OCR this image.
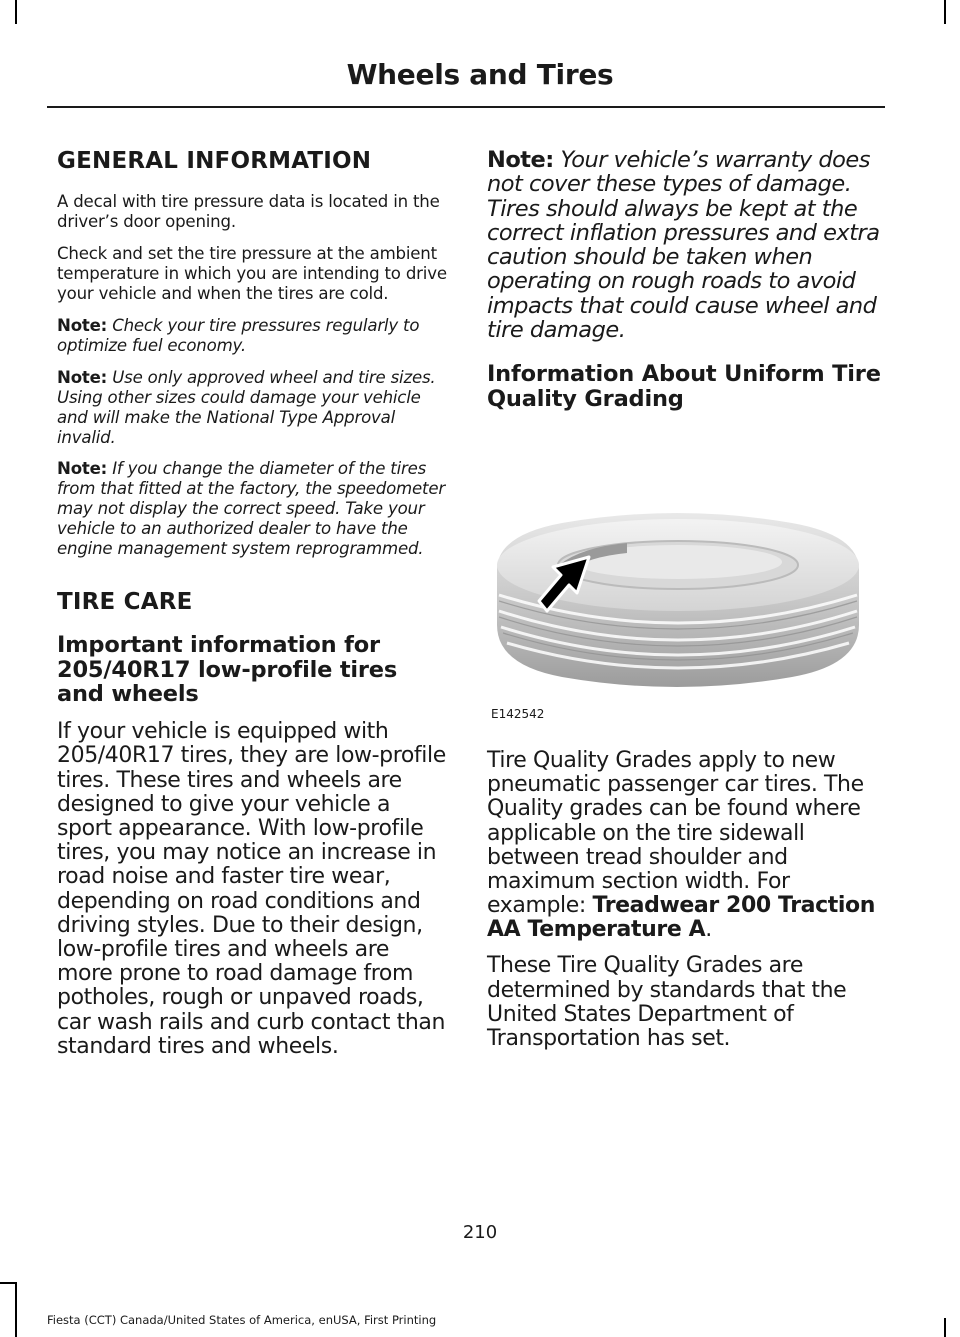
Wheels and Tires
GENERAL INFORMATION

A decal with tire pressure data is located in the driver’s door opening.

Check and set the tire pressure at the ambient temperature in which you are intending to drive your vehicle and when the tires are cold.

Note: Check your tire pressures regularly to optimize fuel economy.

Note: Use only approved wheel and tire sizes. Using other sizes could damage your vehicle and will make the National Type Approval invalid.

Note: If you change the diameter of the tires from that fitted at the factory, the speedometer may not display the correct speed. Take your vehicle to an authorized dealer to have the engine management system reprogrammed.

TIRE CARE
Important information for 205/40R17 low-profile tires and wheels

If your vehicle is equipped with 205/40R17 tires, they are low-profile tires. These tires and wheels are designed to give your vehicle a sport appearance. With low-profile tires, you may notice an increase in road noise and faster tire wear, depending on road conditions and driving styles. Due to their design, low-profile tires and wheels are more prone to road damage from potholes, rough or unpaved roads, car wash rails and curb contact than standard tires and wheels.

Note: Your vehicle’s warranty does not cover these types of damage. Tires should always be kept at the correct inflation pressures and extra caution should be taken when operating on rough roads to avoid impacts that could cause wheel and tire damage.

Information About Uniform Tire Quality Grading
E142542

Tire Quality Grades apply to new pneumatic passenger car tires. The Quality grades can be found where applicable on the tire sidewall between tread shoulder and maximum section width. For example: Treadwear 200 Traction AA Temperature A.

These Tire Quality Grades are determined by standards that the United States Department of Transportation has set.

210
Fiesta (CCT) Canada/United States of America, enUSA, First Printing
